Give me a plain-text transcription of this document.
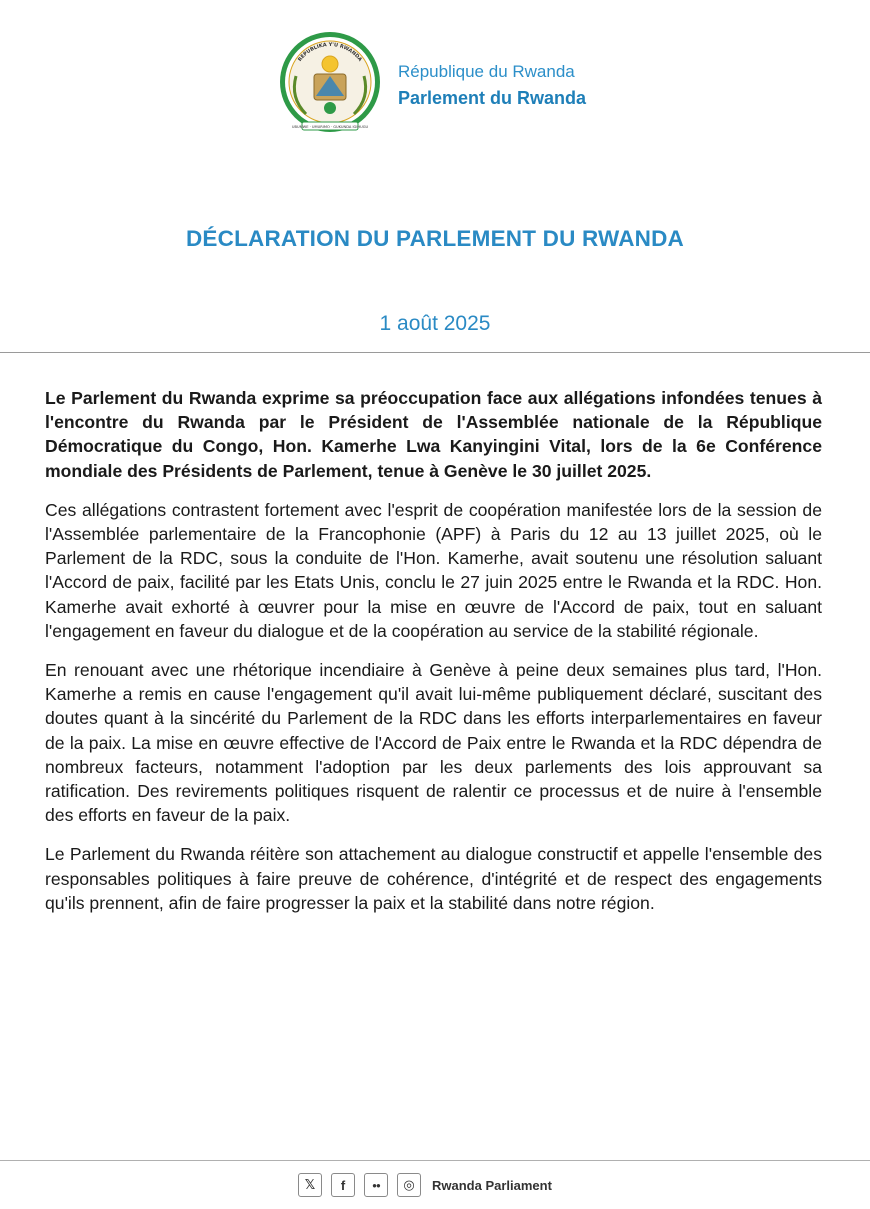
REPUBLIKA Y'U RWANDA
UBUMWE · UMURIMO · GUKUNDA IGIHUGU
République du Rwanda
Parlement du Rwanda
DÉCLARATION DU PARLEMENT DU RWANDA
1 août 2025

Le Parlement du Rwanda exprime sa préoccupation face aux allégations infondées tenues à l'encontre du Rwanda par le Président de l'Assemblée nationale de la République Démocratique du Congo, Hon. Kamerhe Lwa Kanyingini Vital, lors de la 6e Conférence mondiale des Présidents de Parlement, tenue à Genève le 30 juillet 2025.

Ces allégations contrastent fortement avec l'esprit de coopération manifestée lors de la session de l'Assemblée parlementaire de la Francophonie (APF) à Paris du 12 au 13 juillet 2025, où le Parlement de la RDC, sous la conduite de l'Hon. Kamerhe, avait soutenu une résolution saluant l'Accord de paix, facilité par les Etats Unis, conclu le 27 juin 2025 entre le Rwanda et la RDC. Hon. Kamerhe avait exhorté à œuvrer pour la mise en œuvre de l'Accord de paix, tout en saluant l'engagement en faveur du dialogue et de la coopération au service de la stabilité régionale.

En renouant avec une rhétorique incendiaire à Genève à peine deux semaines plus tard, l'Hon. Kamerhe a remis en cause l'engagement qu'il avait lui-même publiquement déclaré, suscitant des doutes quant à la sincérité du Parlement de la RDC dans les efforts interparlementaires en faveur de la paix. La mise en œuvre effective de l'Accord de Paix entre le Rwanda et la RDC dépendra de nombreux facteurs, notamment l'adoption par les deux parlements des lois approuvant sa ratification. Des revirements politiques risquent de ralentir ce processus et de nuire à l'ensemble des efforts en faveur de la paix.

Le Parlement du Rwanda réitère son attachement au dialogue constructif et appelle l'ensemble des responsables politiques à faire preuve de cohérence, d'intégrité et de respect des engagements qu'ils prennent, afin de faire progresser la paix et la stabilité dans notre région.

𝕏	f	●●	◎	Rwanda Parliament
